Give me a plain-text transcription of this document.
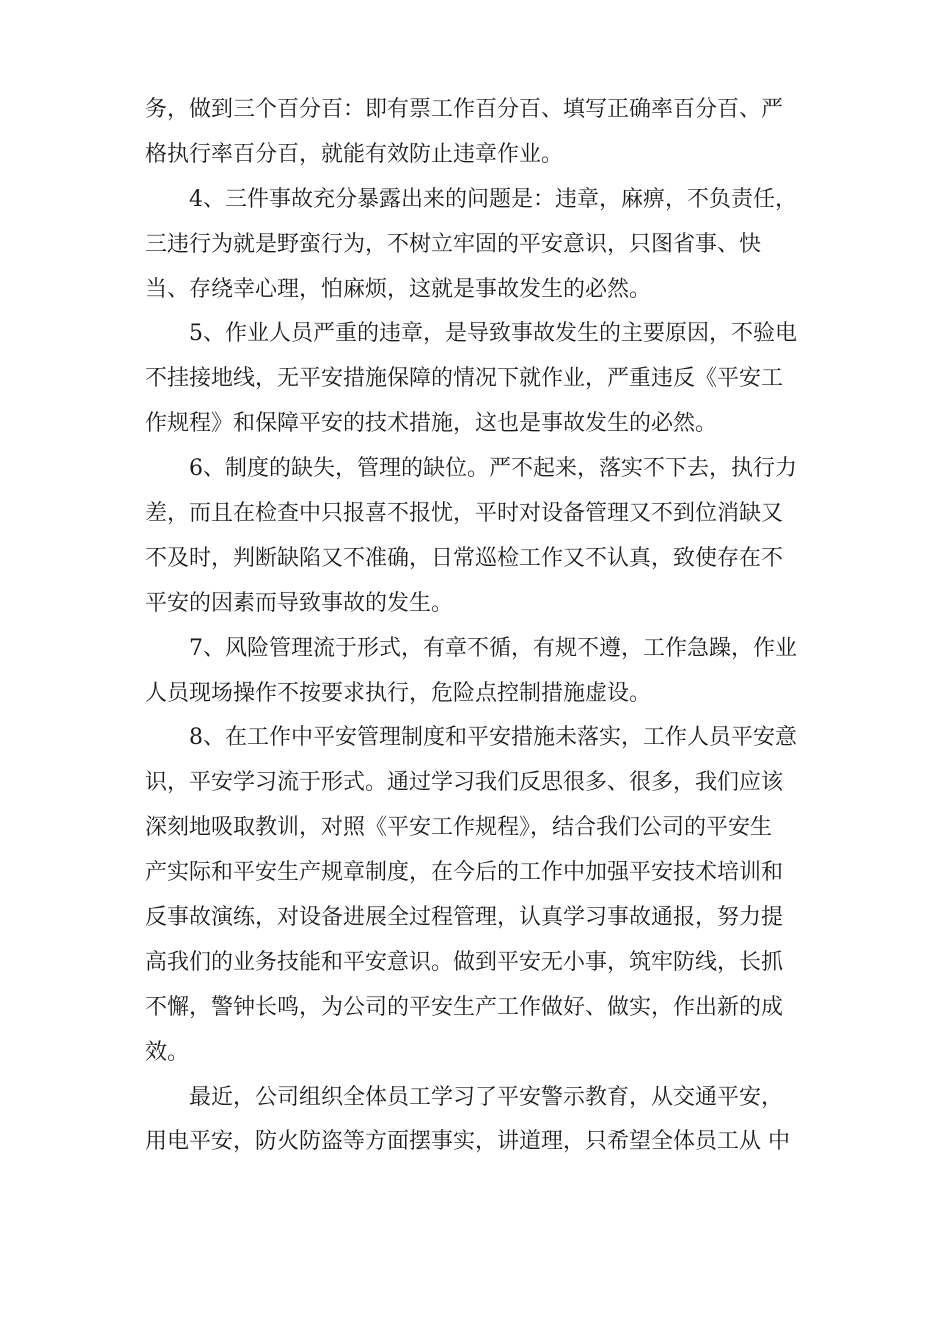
务，做到三个百分百：即有票工作百分百、填写正确率百分百、严
格执行率百分百，就能有效防止违章作业。
4、三件事故充分暴露出来的问题是：违章，麻痹，不负责任，
三违行为就是野蛮行为，不树立牢固的平安意识，只图省事、快
当、存绕幸心理，怕麻烦，这就是事故发生的必然。
5、作业人员严重的违章，是导致事故发生的主要原因，不验电
不挂接地线，无平安措施保障的情况下就作业，严重违反《平安工
作规程》和保障平安的技术措施，这也是事故发生的必然。
6、制度的缺失，管理的缺位。严不起来，落实不下去，执行力
差，而且在检查中只报喜不报忧，平时对设备管理又不到位消缺又
不及时，判断缺陷又不准确，日常巡检工作又不认真，致使存在不
平安的因素而导致事故的发生。
7、风险管理流于形式，有章不循，有规不遵，工作急躁，作业
人员现场操作不按要求执行，危险点控制措施虚设。
8、在工作中平安管理制度和平安措施未落实，工作人员平安意
识，平安学习流于形式。通过学习我们反思很多、很多，我们应该
深刻地吸取教训，对照《平安工作规程》，结合我们公司的平安生
产实际和平安生产规章制度，在今后的工作中加强平安技术培训和
反事故演练，对设备进展全过程管理，认真学习事故通报，努力提
高我们的业务技能和平安意识。做到平安无小事，筑牢防线，长抓
不懈，警钟长鸣，为公司的平安生产工作做好、做实，作出新的成
效。
最近，公司组织全体员工学习了平安警示教育，从交通平安，
用电平安，防火防盗等方面摆事实，讲道理，只希望全体员工从 中
